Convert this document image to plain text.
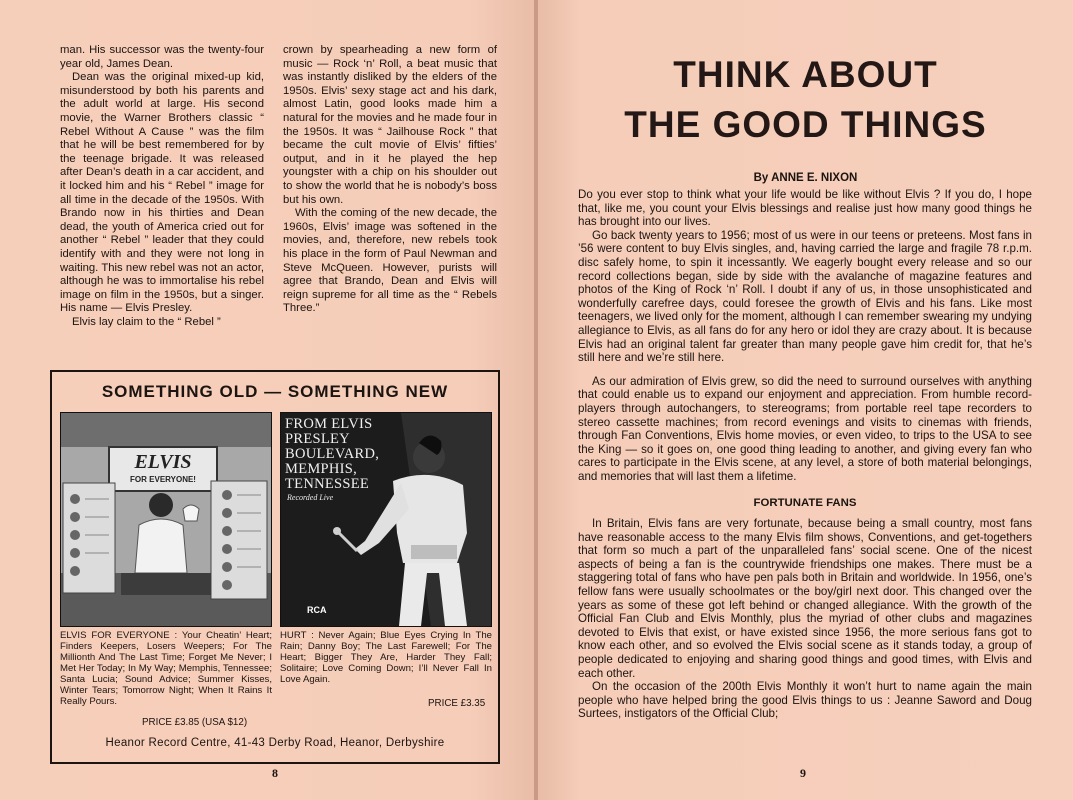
man. His successor was the twenty-four year old, James Dean.

Dean was the original mixed-up kid, misunderstood by both his parents and the adult world at large. His second movie, the Warner Brothers classic “ Rebel Without A Cause ” was the film that he will be best remembered for by the teenage brigade. It was released after Dean’s death in a car accident, and it locked him and his “ Rebel ” image for all time in the decade of the 1950s. With Brando now in his thirties and Dean dead, the youth of America cried out for another “ Rebel ” leader that they could identify with and they were not long in waiting. This new rebel was not an actor, although he was to immortalise his rebel image on film in the 1950s, but a singer. His name — Elvis Presley.

Elvis lay claim to the “ Rebel ”

crown by spearheading a new form of music — Rock ‘n’ Roll, a beat music that was instantly disliked by the elders of the 1950s. Elvis’ sexy stage act and his dark, almost Latin, good looks made him a natural for the movies and he made four in the 1950s. It was “ Jailhouse Rock ” that became the cult movie of Elvis’ fifties’ output, and in it he played the hep youngster with a chip on his shoulder out to show the world that he is nobody’s boss but his own.

With the coming of the new decade, the 1960s, Elvis’ image was softened in the movies, and, therefore, new rebels took his place in the form of Paul Newman and Steve McQueen. However, purists will agree that Brando, Dean and Elvis will reign supreme for all time as the “ Rebels Three.”

SOMETHING OLD — SOMETHING NEW
ELVIS
FOR EVERYONE!
FROM ELVIS PRESLEY BOULEVARD, MEMPHIS, TENNESSEE
Recorded Live
RCA
ELVIS FOR EVERYONE : Your Cheatin’ Heart; Finders Keepers, Losers Weepers; For The Millionth And The Last Time; Forget Me Never; I Met Her Today; In My Way; Memphis, Tennessee; Santa Lucia; Sound Advice; Summer Kisses, Winter Tears; Tomorrow Night; When It Rains It Really Pours.
HURT : Never Again; Blue Eyes Crying In The Rain; Danny Boy; The Last Farewell; For The Heart; Bigger They Are, Harder They Fall; Solitaire; Love Coming Down; I’ll Never Fall In Love Again.
PRICE £3.85 (USA $12)
PRICE £3.35
Heanor Record Centre, 41-43 Derby Road, Heanor, Derbyshire
8
THINK ABOUT
THE GOOD THINGS
By ANNE E. NIXON

Do you ever stop to think what your life would be like without Elvis ? If you do, I hope that, like me, you count your Elvis blessings and realise just how many good things he has brought into our lives.

Go back twenty years to 1956; most of us were in our teens or preteens. Most fans in ’56 were content to buy Elvis singles, and, having carried the large and fragile 78 r.p.m. disc safely home, to spin it incessantly. We eagerly bought every release and so our record collections began, side by side with the avalanche of magazine features and photos of the King of Rock ‘n’ Roll. I doubt if any of us, in those unsophisticated and wonderfully carefree days, could foresee the growth of Elvis and his fans. Like most teenagers, we lived only for the moment, although I can remember swearing my undying allegiance to Elvis, as all fans do for any hero or idol they are crazy about. It is because Elvis had an original talent far greater than many people gave him credit for, that he’s still here and we’re still here.

As our admiration of Elvis grew, so did the need to surround ourselves with anything that could enable us to expand our enjoyment and appreciation. From humble record-players through autochangers, to stereograms; from portable reel tape recorders to stereo cassette machines; from record evenings and visits to cinemas with friends, through Fan Conventions, Elvis home movies, or even video, to trips to the USA to see the King — so it goes on, one good thing leading to another, and giving every fan who cares to participate in the Elvis scene, at any level, a store of both material belongings, and memories that will last them a lifetime.

FORTUNATE FANS

In Britain, Elvis fans are very fortunate, because being a small country, most fans have reasonable access to the many Elvis film shows, Conventions, and get-togethers that form so much a part of the unparalleled fans’ social scene. One of the nicest aspects of being a fan is the countrywide friendships one makes. There must be a staggering total of fans who have pen pals both in Britain and worldwide. In 1956, one’s fellow fans were usually schoolmates or the boy/girl next door. This changed over the years as some of these got left behind or changed allegiance. With the growth of the Official Fan Club and Elvis Monthly, plus the myriad of other clubs and magazines devoted to Elvis that exist, or have existed since 1956, the more serious fans got to know each other, and so evolved the Elvis social scene as it stands today, a group of people dedicated to enjoying and sharing good things and good times, with Elvis and each other.

On the occasion of the 200th Elvis Monthly it won’t hurt to name again the main people who have helped bring the good Elvis things to us : Jeanne Saword and Doug Surtees, instigators of the Official Club;

9
